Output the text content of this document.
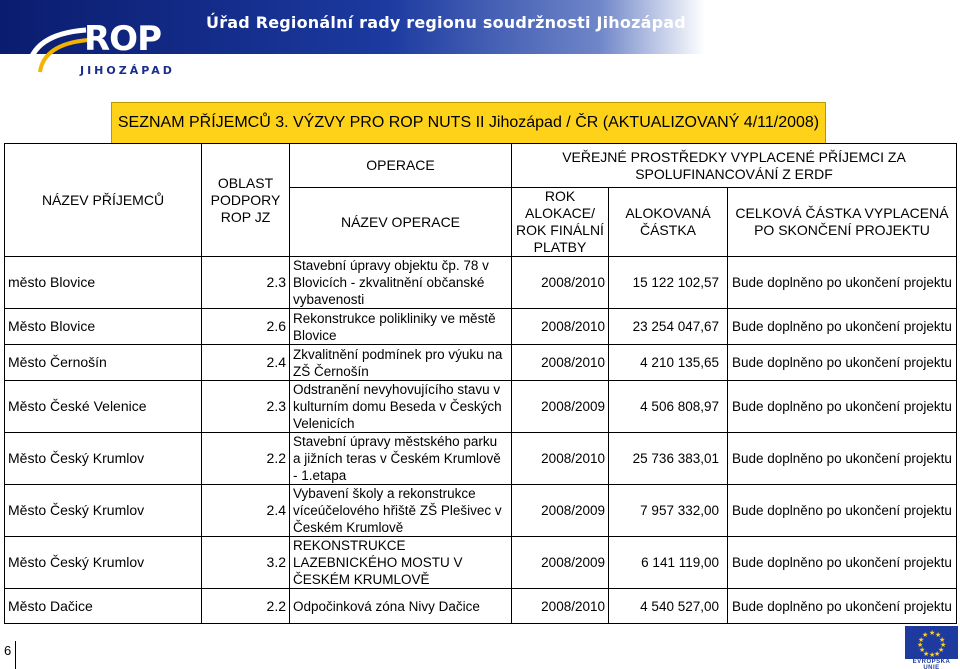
Úřad Regionální rady regionu soudržnosti Jihozápad
ROP
JIHOZÁPAD
SEZNAM PŘÍJEMCŮ 3. VÝZVY PRO ROP NUTS II Jihozápad / ČR (AKTUALIZOVANÝ 4/11/2008)
NÁZEV PŘÍJEMCŮ	OBLAST PODPORY ROP JZ	OPERACE	VEŘEJNÉ PROSTŘEDKY VYPLACENÉ PŘÍJEMCI ZA SPOLUFINANCOVÁNÍ Z ERDF		
		NÁZEV OPERACE	ROK ALOKACE/ ROK FINÁLNÍ PLATBY	ALOKOVANÁ ČÁSTKA	CELKOVÁ ČÁSTKA VYPLACENÁ PO SKONČENÍ PROJEKTU
město Blovice	2.3	Stavební úpravy objektu čp. 78 v Blovicích - zkvalitnění občanské vybavenosti	2008/2010	15 122 102,57	Bude doplněno po ukončení projektu
Město Blovice	2.6	Rekonstrukce polikliniky ve městě Blovice	2008/2010	23 254 047,67	Bude doplněno po ukončení projektu
Město Černošín	2.4	Zkvalitnění podmínek pro výuku na ZŠ Černošín	2008/2010	4 210 135,65	Bude doplněno po ukončení projektu
Město České Velenice	2.3	Odstranění nevyhovujícího stavu v kulturním domu Beseda v Českých Velenicích	2008/2009	4 506 808,97	Bude doplněno po ukončení projektu
Město Český Krumlov	2.2	Stavební úpravy městského parku a jižních teras v Českém Krumlově - 1.etapa	2008/2010	25 736 383,01	Bude doplněno po ukončení projektu
Město Český Krumlov	2.4	Vybavení školy a rekonstrukce víceúčelového hřiště ZŠ Plešivec v Českém Krumlově	2008/2009	7 957 332,00	Bude doplněno po ukončení projektu
Město Český Krumlov	3.2	REKONSTRUKCE LAZEBNICKÉHO MOSTU V ČESKÉM KRUMLOVĚ	2008/2009	6 141 119,00	Bude doplněno po ukončení projektu
Město Dačice	2.2	Odpočinková zóna Nivy Dačice	2008/2010	4 540 527,00	Bude doplněno po ukončení projektu
6
★ ★
★
★
★
★
★
★
★
★
★
★
EVROPSKÁ UNIE
